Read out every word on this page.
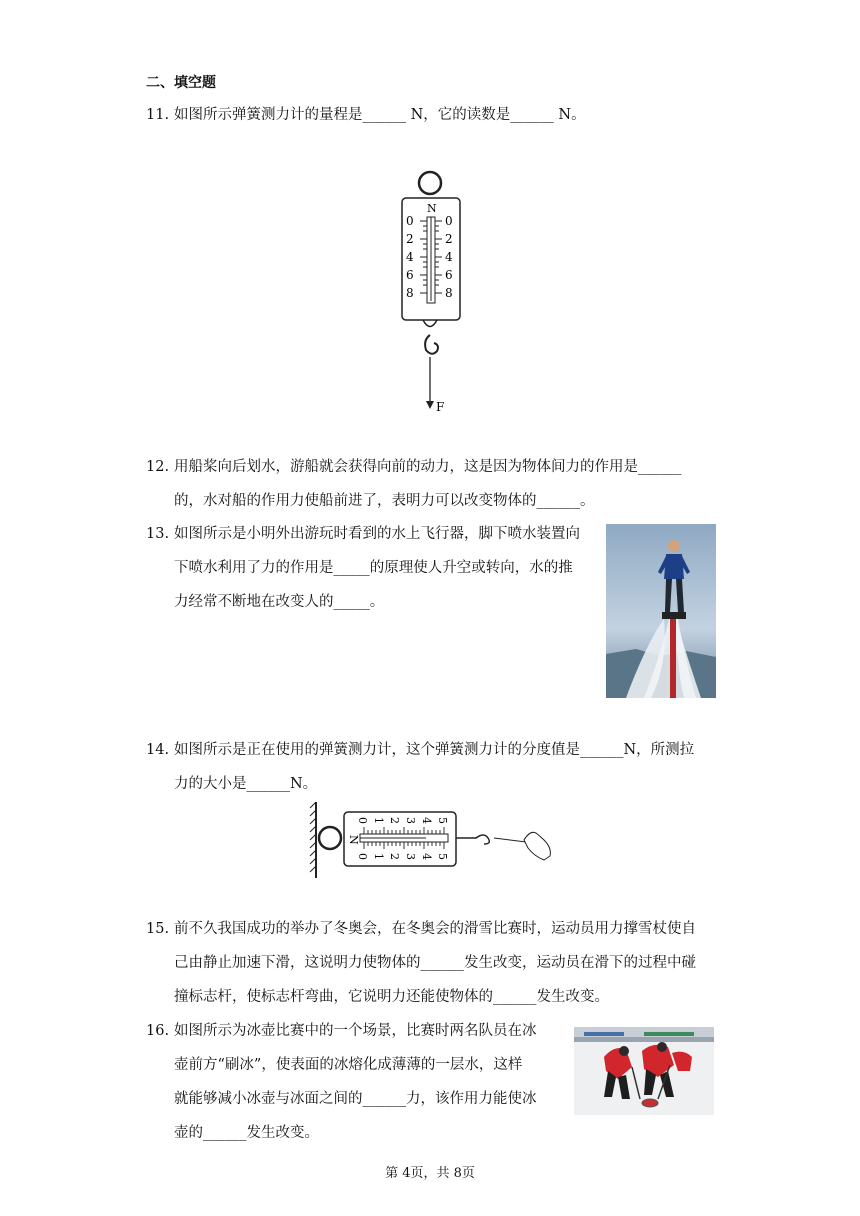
二、填空题
11. 如图所示弹簧测力计的量程是______ N，它的读数是______ N。
N
0
2
4
6
8
0
2
4
6
8
F
12. 用船桨向后划水，游船就会获得向前的动力，这是因为物体间力的作用是______
的，水对船的作用力使船前进了，表明力可以改变物体的______。
13. 如图所示是小明外出游玩时看到的水上飞行器，脚下喷水装置向
下喷水利用了力的作用是_____的原理使人升空或转向，水的推
力经常不断地在改变人的_____。
14. 如图所示是正在使用的弹簧测力计，这个弹簧测力计的分度值是______N，所测拉
力的大小是______N。
N
0 1 2 3 4 5
0 1 2 3 4 5
15. 前不久我国成功的举办了冬奥会，在冬奥会的滑雪比赛时，运动员用力撑雪杖使自
己由静止加速下滑，这说明力使物体的______发生改变，运动员在滑下的过程中碰
撞标志杆，使标志杆弯曲，它说明力还能使物体的______发生改变。
16. 如图所示为冰壶比赛中的一个场景，比赛时两名队员在冰
壶前方“刷冰”，使表面的冰熔化成薄薄的一层水，这样
就能够减小冰壶与冰面之间的______力，该作用力能使冰
壶的______发生改变。
第 4页，共 8页
